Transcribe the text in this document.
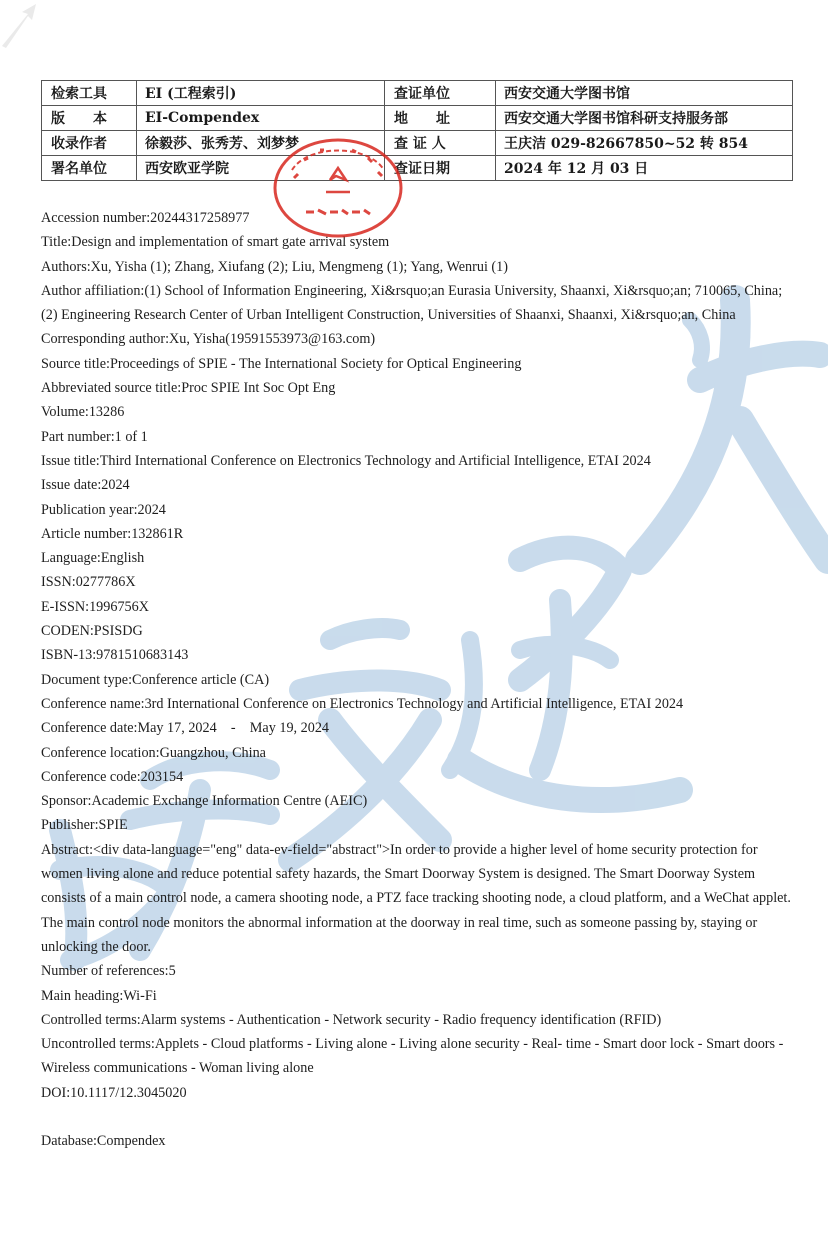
检索工具	EI (工程索引)	查证单位	西安交通大学图书馆
版　　本	EI-Compendex	地　　址	西安交通大学图书馆科研支持服务部
收录作者	徐毅莎、张秀芳、刘梦梦	查 证 人	王庆洁 029-82667850~52 转 854
署名单位	西安欧亚学院	查证日期	2024 年 12 月 03 日
Accession number:20244317258977
Title:Design and implementation of smart gate arrival system
Authors:Xu, Yisha (1); Zhang, Xiufang (2); Liu, Mengmeng (1); Yang, Wenrui (1)
Author affiliation:(1) School of Information Engineering, Xi&rsquo;an Eurasia University, Shaanxi, Xi&rsquo;an; 710065, China; (2) Engineering Research Center of Urban Intelligent Construction, Universities of Shaanxi, Shaanxi, Xi&rsquo;an, China
Corresponding author:Xu, Yisha(19591553973@163.com)
Source title:Proceedings of SPIE - The International Society for Optical Engineering
Abbreviated source title:Proc SPIE Int Soc Opt Eng
Volume:13286
Part number:1 of 1
Issue title:Third International Conference on Electronics Technology and Artificial Intelligence, ETAI 2024
Issue date:2024
Publication year:2024
Article number:132861R
Language:English
ISSN:0277786X
E-ISSN:1996756X
CODEN:PSISDG
ISBN-13:9781510683143
Document type:Conference article (CA)
Conference name:3rd International Conference on Electronics Technology and Artificial Intelligence, ETAI 2024
Conference date:May 17, 2024    -    May 19, 2024
Conference location:Guangzhou, China
Conference code:203154
Sponsor:Academic Exchange Information Centre (AEIC)
Publisher:SPIE
Abstract:<div data-language="eng" data-ev-field="abstract">In order to provide a higher level of home security protection for women living alone and reduce potential safety hazards, the Smart Doorway System is designed. The Smart Doorway System consists of a main control node, a camera shooting node, a PTZ face tracking shooting node, a cloud platform, and a WeChat applet. The main control node monitors the abnormal information at the doorway in real time, such as someone passing by, staying or unlocking the door.
Number of references:5
Main heading:Wi-Fi
Controlled terms:Alarm systems - Authentication - Network security - Radio frequency identification (RFID)
Uncontrolled terms:Applets - Cloud platforms - Living alone - Living alone security - Real- time - Smart door lock - Smart doors - Wireless communications - Woman living alone
DOI:10.1117/12.3045020
Database:Compendex
